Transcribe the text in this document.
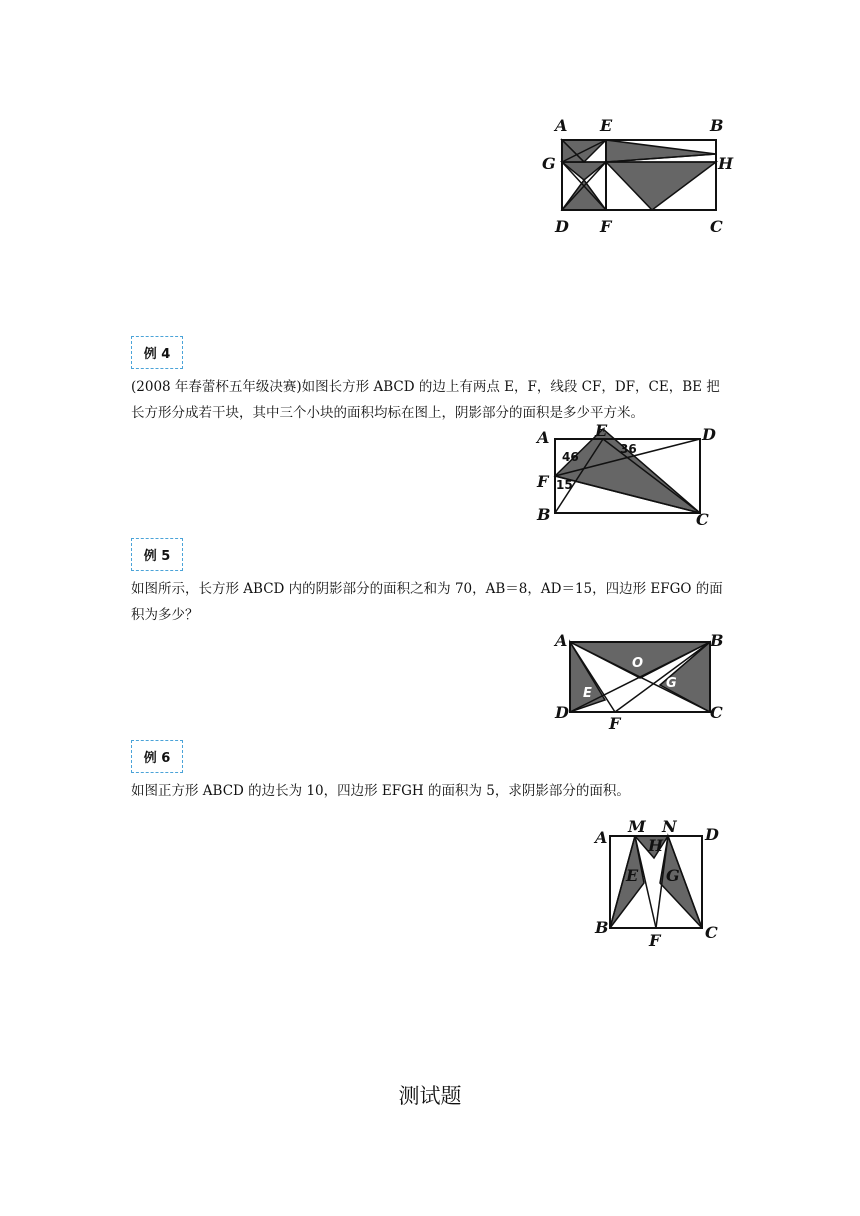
A E	B
G	H
D F	C
例 4
(2008 年春蕾杯五年级决赛)如图长方形 ABCD 的边上有两点 E，F，线段 CF，DF，CE，BE 把长方形分成若干块，其中三个小块的面积均标在图上，阴影部分的面积是多少平方米。
A	E	D
F
B	C
46
36
15
例 5
如图所示，长方形 ABCD 内的阴影部分的面积之和为 70，AB＝8，AD＝15，四边形 EFGO 的面积为多少？
A	B
O
E
G
D
F
C
例 6
如图正方形 ABCD 的边长为 10，四边形 EFGH 的面积为 5，求阴影部分的面积。
A
M N D
H
E G
B
F	C
测试题
